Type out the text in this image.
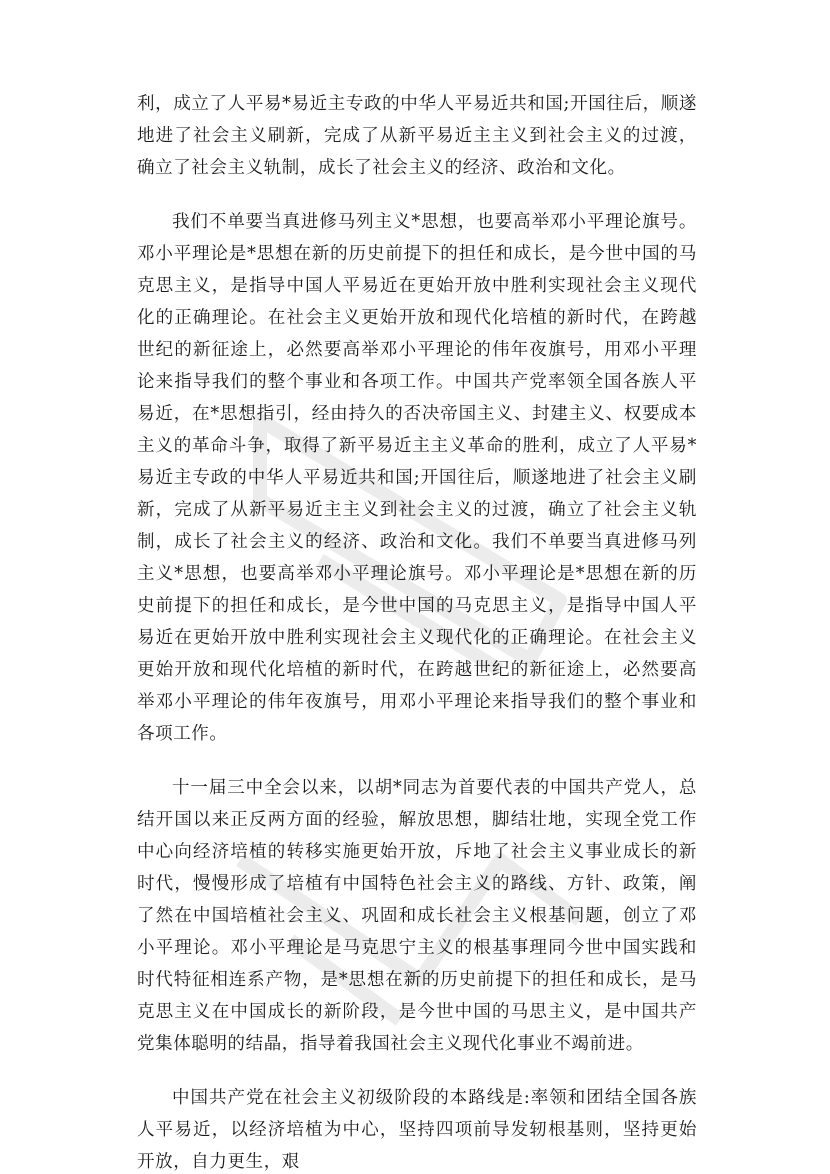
利，成立了人平易*易近主专政的中华人平易近共和国;开国往后，顺遂地进了社会主义刷新，完成了从新平易近主主义到社会主义的过渡，确立了社会主义轨制，成长了社会主义的经济、政治和文化。

我们不单要当真进修马列主义*思想，也要高举邓小平理论旗号。邓小平理论是*思想在新的历史前提下的担任和成长，是今世中国的马克思主义，是指导中国人平易近在更始开放中胜利实现社会主义现代化的正确理论。在社会主义更始开放和现代化培植的新时代，在跨越世纪的新征途上，必然要高举邓小平理论的伟年夜旗号，用邓小平理论来指导我们的整个事业和各项工作。中国共产党率领全国各族人平易近，在*思想指引，经由持久的否决帝国主义、封建主义、权要成本主义的革命斗争，取得了新平易近主主义革命的胜利，成立了人平易*易近主专政的中华人平易近共和国;开国往后，顺遂地进了社会主义刷新，完成了从新平易近主主义到社会主义的过渡，确立了社会主义轨制，成长了社会主义的经济、政治和文化。我们不单要当真进修马列主义*思想，也要高举邓小平理论旗号。邓小平理论是*思想在新的历史前提下的担任和成长，是今世中国的马克思主义，是指导中国人平易近在更始开放中胜利实现社会主义现代化的正确理论。在社会主义更始开放和现代化培植的新时代，在跨越世纪的新征途上，必然要高举邓小平理论的伟年夜旗号，用邓小平理论来指导我们的整个事业和各项工作。

十一届三中全会以来，以胡*同志为首要代表的中国共产党人，总结开国以来正反两方面的经验，解放思想，脚结壮地，实现全党工作中心向经济培植的转移实施更始开放，斥地了社会主义事业成长的新时代，慢慢形成了培植有中国特色社会主义的路线、方针、政策，阐了然在中国培植社会主义、巩固和成长社会主义根基问题，创立了邓小平理论。邓小平理论是马克思宁主义的根基事理同今世中国实践和时代特征相连系产物，是*思想在新的历史前提下的担任和成长，是马克思主义在中国成长的新阶段，是今世中国的马思主义，是中国共产党集体聪明的结晶，指导着我国社会主义现代化事业不竭前进。

中国共产党在社会主义初级阶段的本路线是:率领和团结全国各族人平易近，以经济培植为中心，坚持四项前导发轫根基则，坚持更始开放，自力更生，艰
